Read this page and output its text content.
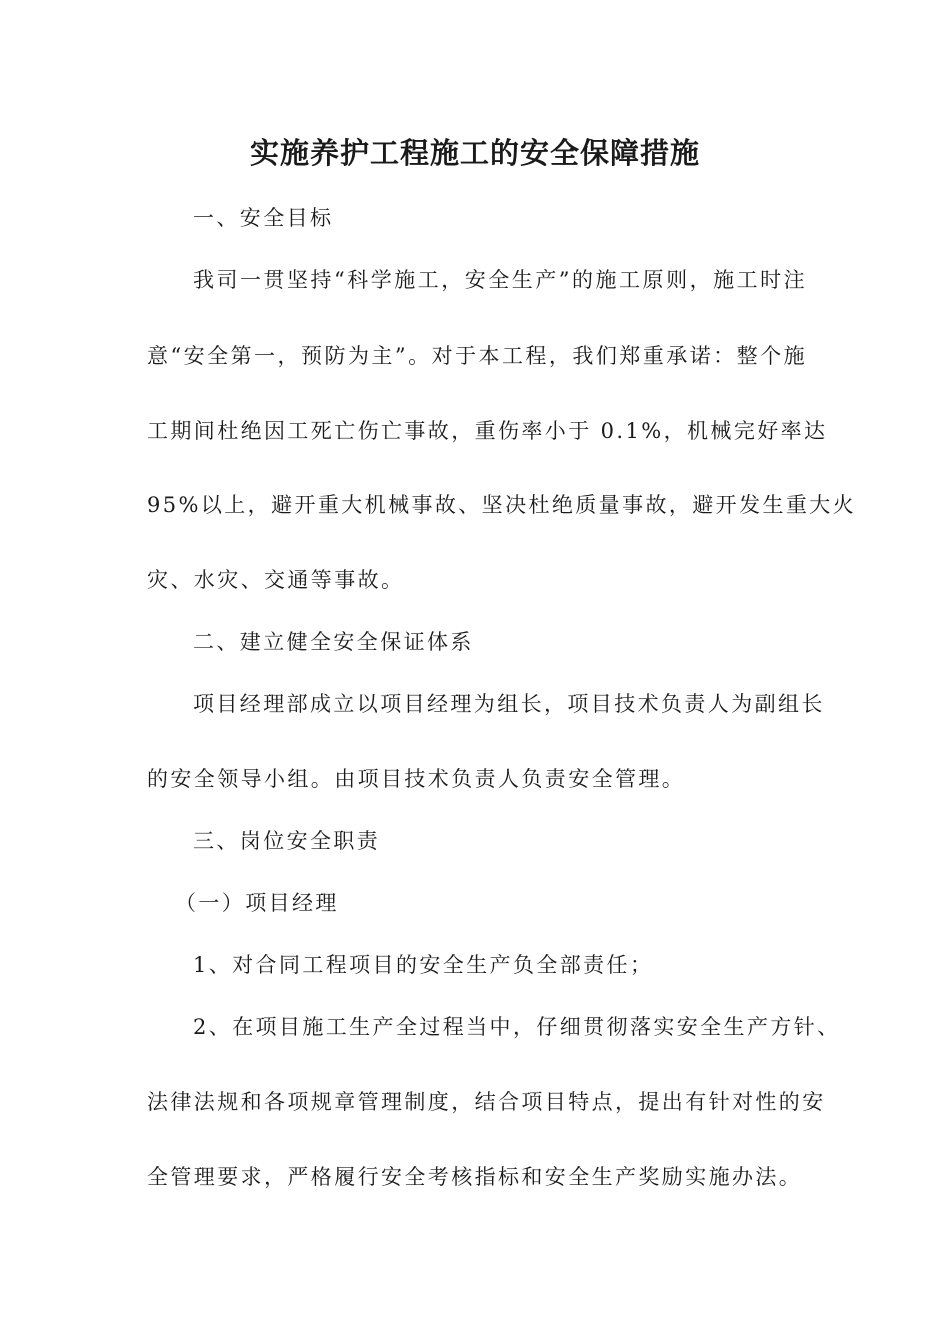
实施养护工程施工的安全保障措施

一、安全目标

我司一贯坚持“科学施工，安全生产”的施工原则，施工时注

意“安全第一，预防为主”。对于本工程，我们郑重承诺：整个施

工期间杜绝因工死亡伤亡事故，重伤率小于 0.1%，机械完好率达

95%以上，避开重大机械事故、坚决杜绝质量事故，避开发生重大火

灾、水灾、交通等事故。

二、建立健全安全保证体系

项目经理部成立以项目经理为组长，项目技术负责人为副组长

的安全领导小组。由项目技术负责人负责安全管理。

三、岗位安全职责

（一）项目经理

1、对合同工程项目的安全生产负全部责任；

2、在项目施工生产全过程当中，仔细贯彻落实安全生产方针、

法律法规和各项规章管理制度，结合项目特点，提出有针对性的安

全管理要求，严格履行安全考核指标和安全生产奖励实施办法。
